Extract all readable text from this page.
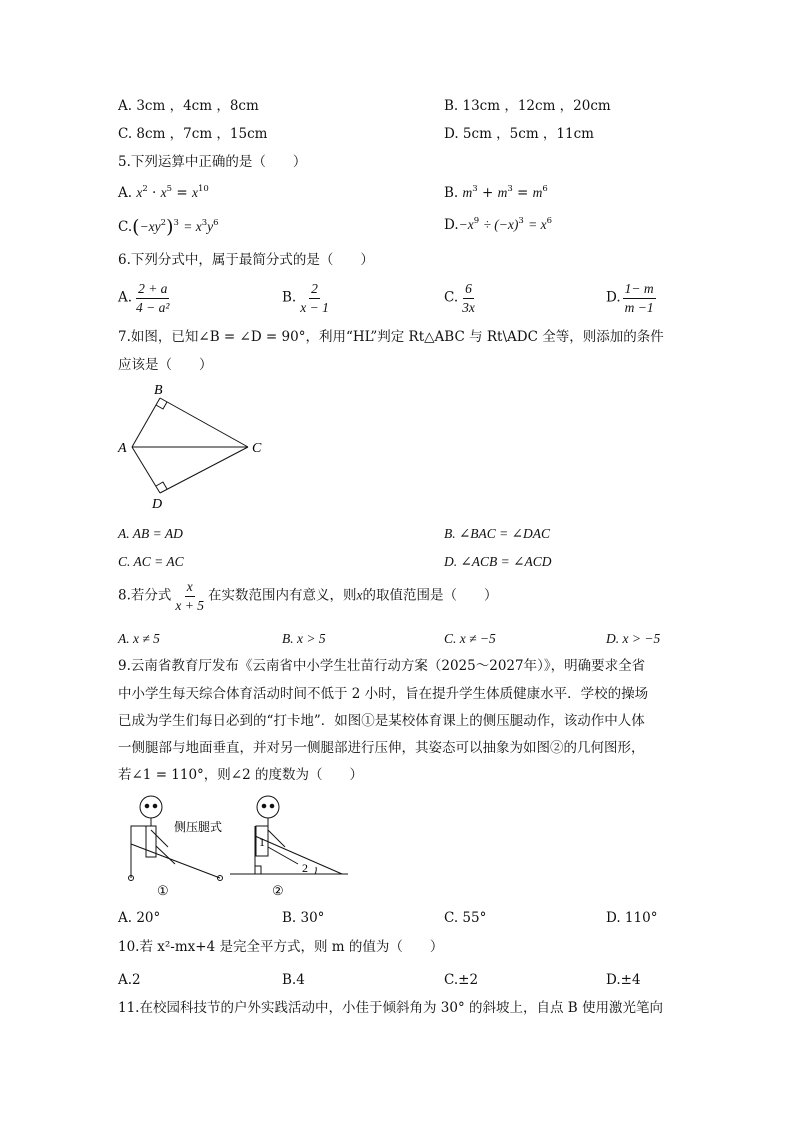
A. 3cm ，4cm ，8cm	B. 13cm ，12cm ，20cm
C. 8cm ，7cm ，15cm	D. 5cm ，5cm ，11cm
5.下列运算中正确的是（　　）
A. $x^2 \cdot x^5 = x^{10}$	B. $m^3 + m^3 = m^6$
$C.(-xy^2)^3 = x^3y^6$	$D.-x^9 \div (-x)^3 = x^6$
6.下列分式中，属于最简分式的是（　　）
A. $\frac{2 + a}{\text{4 − a²}}$	B. $\frac{2}{x - 1}$	C. $\frac{6}{3x}$	D. $\frac{1- m}{m -1}$
7.如图，已知∠B = ∠D = 90°，利用“HL”判定 Rt△ABC 与 Rt\ADC 全等，则添加的条件
应该是（　　）
B
A	C
D
A. AB = AD	B. ∠BAC = ∠DAC
C. AC = AC	D. ∠ACB = ∠ACD
8.若分式 $\frac{x}{x + 5}$ 在实数范围内有意义，则x的取值范围是（　　）
A. x ≠ 5	B. x > 5	C. x ≠ −5	D. x > −5
9.云南省教育厅发布《云南省中小学生壮苗行动方案（2025～2027年）》，明确要求全省
中小学生每天综合体育活动时间不低于 2 小时，旨在提升学生体质健康水平．学校的操场
已成为学生们每日必到的“打卡地”．如图①是某校体育课上的侧压腿动作，该动作中人体
一侧腿部与地面垂直，并对另一侧腿部进行压伸，其姿态可以抽象为如图②的几何图形，
若∠1 = 110°，则∠2 的度数为（　　）
侧压腿式
①	②
1
2
A. 20°	B. 30°	C. 55°	D. 110°
10.若 x²-mx+4 是完全平方式，则 m 的值为（　　）
A.2	B.4	C.±2	D.±4
11.在校园科技节的户外实践活动中，小佳于倾斜角为 30° 的斜坡上，自点 B 使用激光笔向
